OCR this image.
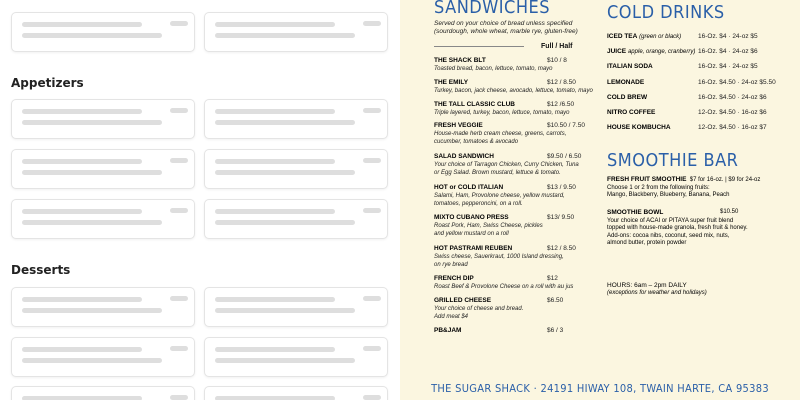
Appetizers
Desserts
SANDWICHES
Served on your choice of bread unless specified
(sourdough, whole wheat, marble rye, gluten-free)
Full / Half
THE SHACK BLT
Toasted bread, bacon, lettuce, tomato, mayo
$10 / 8
THE EMILY
Turkey, bacon, jack cheese, avocado, lettuce, tomato, mayo
$12 / 8.50
THE TALL CLASSIC CLUB
Triple layered, turkey, bacon, lettuce, tomato, mayo
$12 /6.50
FRESH VEGGIE
House-made herb cream cheese, greens, carrots,
cucumber, tomatoes & avocado
$10.50 / 7.50
SALAD SANDWICH
Your choice of Tarragon Chicken, Curry Chicken, Tuna
or Egg Salad. Brown mustard, lettuce & tomato.
$9.50 / 6.50
HOT or COLD ITALIAN
Salami, Ham, Provolone cheese, yellow mustard,
tomatoes, pepperoncini, on a roll.
$13 / 9.50
MIXTO CUBANO PRESS
Roast Pork, Ham, Swiss Cheese, pickles
and yellow mustard on a roll
$13/ 9.50
HOT PASTRAMI REUBEN
Swiss cheese, Sauerkraut, 1000 Island dressing,
on rye bread
$12 / 8.50
FRENCH DIP
Roast Beef & Provolone Cheese on a roll with au jus
$12
GRILLED CHEESE
Your choice of cheese and bread.
Add meat $4
$6.50
PB&JAM	$6 / 3
COLD DRINKS
ICED TEA (green or black)	16-Oz. $4 · 24-oz $5
JUICE apple, orange, cranberry) 16-Oz. $4 · 24-oz $6
ITALIAN SODA	16-Oz. $4 · 24-oz $5
LEMONADE	16-Oz. $4.50 · 24-oz $5.50
COLD BREW	16-Oz. $4.50 · 24-oz $6
NITRO COFFEE	12-Oz. $4.50 · 16-oz $6
HOUSE KOMBUCHA	12-Oz. $4.50 · 16-oz $7
SMOOTHIE BAR
FRESH FRUIT SMOOTHIE $7 for 16-oz. | $9 for 24-oz
Choose 1 or 2 from the following fruits:
Mango, Blackberry, Blueberry, Banana, Peach
SMOOTHIE BOWL	$10.50
Your choice of ACAI or PITAYA super fruit blend
topped with house-made granola, fresh fruit & honey.
Add-ons: cocoa nibs, coconut, seed mix, nuts,
almond butter, protein powder
HOURS: 6am – 2pm DAILY
(exceptions for weather and holidays)
THE SUGAR SHACK · 24191 HIWAY 108, TWAIN HARTE, CA 95383
